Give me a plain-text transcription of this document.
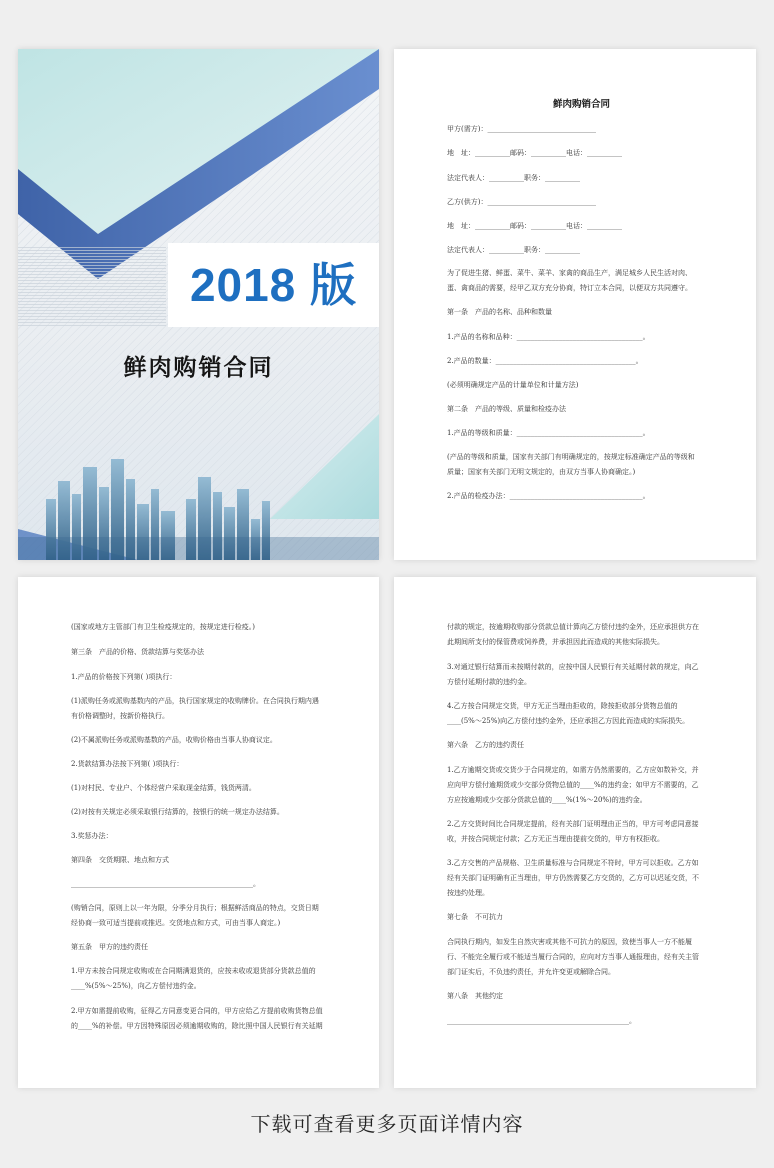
2018 版
鲜肉购销合同
鲜肉购销合同
甲方(需方)：_______________________________
地　址：__________邮码：__________电话：__________
法定代表人：__________职务：__________
乙方(供方)：_______________________________
地　址：__________邮码：__________电话：__________
法定代表人：__________职务：__________
为了促进生猪、鲜蛋、菜牛、菜羊、家禽的商品生产，满足城乡人民生活对肉、
蛋、禽商品的需要，经甲乙双方充分协商，特订立本合同，以便双方共同遵守。
第一条　产品的名称、品种和数量
1.产品的名称和品种：____________________________________。
2.产品的数量：________________________________________。
(必须明确规定产品的计量单位和计量方法)
第二条　产品的等级、质量和检疫办法
1.产品的等级和质量：____________________________________。
(产品的等级和质量，国家有关部门有明确规定的，按规定标准确定产品的等级和
质量；国家有关部门无明文规定的，由双方当事人协商确定。)
2.产品的检疫办法：______________________________________。
(国家或地方主管部门有卫生检疫规定的，按规定进行检疫。)
第三条　产品的价格、货款结算与奖惩办法
1.产品的价格按下列第( )项执行：
(1)派购任务或派购基数内的产品，执行国家规定的收购牌价。在合同执行期内遇
有价格调整时，按新价格执行。
(2)不属派购任务或派购基数的产品，收购价格由当事人协商议定。
2.货款结算办法按下列第( )项执行：
(1)对村民、专业户、个体经营户采取现金结算，钱货两清。
(2)对按有关规定必须采取银行结算的，按银行的统一规定办法结算。
3.奖惩办法：
第四条　交货期限、地点和方式
____________________________________________________。
(购销合同，原则上以一年为限，分季分月执行；根据鲜活商品的特点，交货日期
经协商一致可适当提前或推迟。交货地点和方式，可由当事人商定。)
第五条　甲方的违约责任
1.甲方未按合同规定收购或在合同期满退货的，应按未收或退货部分货款总值的
____%(5%～25%)，向乙方偿付违约金。
2.甲方如需提前收购，征得乙方同意变更合同的，甲方应给乙方提前收购货物总值
的____%的补偿。甲方因特殊原因必须逾期收购的，除比照中国人民银行有关延期
付款的规定，按逾期收购部分货款总值计算向乙方偿付违约金外，还应承担供方在
此期间所支付的保管费或饲养费，并承担因此而造成的其他实际损失。
3.对通过银行结算而未按期付款的，应按中国人民银行有关延期付款的规定，向乙
方偿付延期付款的违约金。
4.乙方按合同规定交货，甲方无正当理由拒收的，除按拒收部分货物总值的
____(5%～25%)向乙方偿付违约金外，还应承担乙方因此而造成的实际损失。
第六条　乙方的违约责任
1.乙方逾期交货或交货少于合同规定的，如需方仍然需要的，乙方应如数补交，并
应向甲方偿付逾期货或少交部分货物总值的____%的违约金；如甲方不需要的，乙
方应按逾期或少交部分货款总值的____%(1%～20%)的违约金。
2.乙方交货时间比合同规定提前，经有关部门证明理由正当的，甲方可考虑同意接
收，并按合同规定付款；乙方无正当理由提前交货的，甲方有权拒收。
3.乙方交售的产品规格、卫生质量标准与合同规定不符时，甲方可以拒收。乙方如
经有关部门证明确有正当理由，甲方仍然需要乙方交货的，乙方可以迟延交货，不
按违约处理。
第七条　不可抗力
合同执行期内，如发生自然灾害或其他不可抗力的原因，致使当事人一方不能履
行、不能完全履行或不能适当履行合同的，应向对方当事人通报理由，经有关主管
部门证实后，不负违约责任，并允许变更或解除合同。
第八条　其他约定
____________________________________________________。
下载可查看更多页面详情内容
